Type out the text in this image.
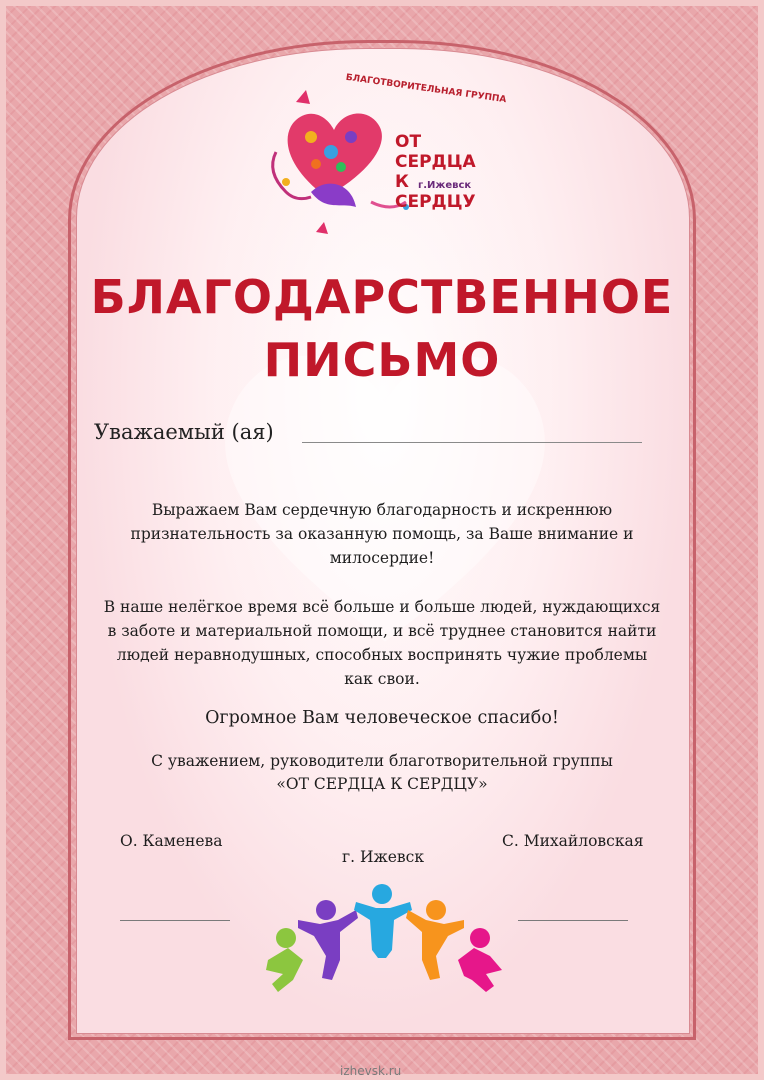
БЛАГОТВОРИТЕЛЬНАЯ ГРУППА
ОТ СЕРДЦА
К СЕРДЦУ
г.Ижевск
БЛАГОДАРСТВЕННОЕ
ПИСЬМО
Уважаемый (ая)

Выражаем Вам сердечную благодарность и искреннюю признательность за оказанную помощь, за Ваше внимание и милосердие!

В наше нелёгкое время всё больше и больше людей, нуждающихся в заботе и материальной помощи, и всё труднее становится найти людей неравнодушных, способных воспринять чужие проблемы как свои.

Огромное Вам человеческое спасибо!
С уважением, руководители благотворительной группы
«ОТ СЕРДЦА К СЕРДЦУ»
О. Каменева	С. Михайловская
г. Ижевск
izhevsk.ru
